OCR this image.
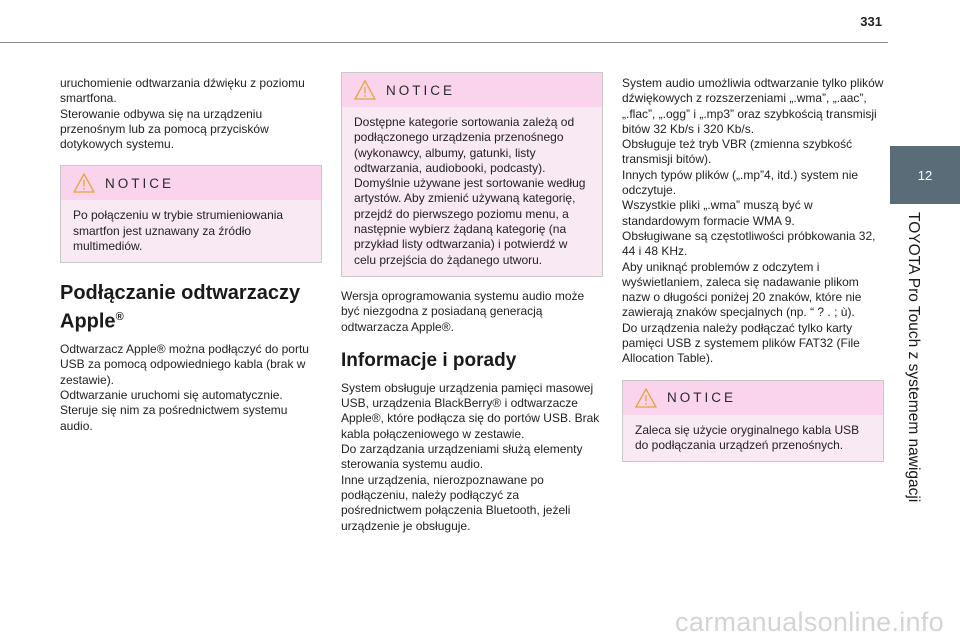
331
12
TOYOTA Pro Touch z systemem nawigacji

uruchomienie odtwarzania dźwięku z poziomu smartfona.
Sterowanie odbywa się na urządzeniu przenośnym lub za pomocą przycisków dotykowych systemu.

NOTICE
Po połączeniu w trybie strumieniowania smartfon jest uznawany za źródło multimediów.
Podłączanie odtwarzaczy Apple®

Odtwarzacz Apple® można podłączyć do portu USB za pomocą odpowiedniego kabla (brak w zestawie).
Odtwarzanie uruchomi się automatycznie.
Steruje się nim za pośrednictwem systemu audio.

NOTICE
Dostępne kategorie sortowania zależą od podłączonego urządzenia przenośnego (wykonawcy, albumy, gatunki, listy odtwarzania, audiobooki, podcasty).
Domyślnie używane jest sortowanie według artystów. Aby zmienić używaną kategorię, przejdź do pierwszego poziomu menu, a następnie wybierz żądaną kategorię (na przykład listy odtwarzania) i potwierdź w celu przejścia do żądanego utworu.

Wersja oprogramowania systemu audio może być niezgodna z posiadaną generacją odtwarzacza Apple®.

Informacje i porady

System obsługuje urządzenia pamięci masowej USB, urządzenia BlackBerry® i odtwarzacze Apple®, które podłącza się do portów USB. Brak kabla połączeniowego w zestawie.
Do zarządzania urządzeniami służą elementy sterowania systemu audio.
Inne urządzenia, nierozpoznawane po podłączeniu, należy podłączyć za pośrednictwem połączenia Bluetooth, jeżeli urządzenie je obsługuje.

System audio umożliwia odtwarzanie tylko plików dźwiękowych z rozszerzeniami „.wma”, „.aac”, „.flac”, „.ogg” i „.mp3” oraz szybkością transmisji bitów 32 Kb/s i 320 Kb/s.
Obsługuje też tryb VBR (zmienna szybkość transmisji bitów).
Innych typów plików („.mp”4, itd.) system nie odczytuje.
Wszystkie pliki „.wma” muszą być w standardowym formacie WMA 9.
Obsługiwane są częstotliwości próbkowania 32, 44 i 48 KHz.
Aby uniknąć problemów z odczytem i wyświetlaniem, zaleca się nadawanie plikom nazw o długości poniżej 20 znaków, które nie zawierają znaków specjalnych (np. “ ? . ; ù).
Do urządzenia należy podłączać tylko karty pamięci USB z systemem plików FAT32 (File Allocation Table).

NOTICE
Zaleca się użycie oryginalnego kabla USB do podłączania urządzeń przenośnych.
carmanualsonline.info
